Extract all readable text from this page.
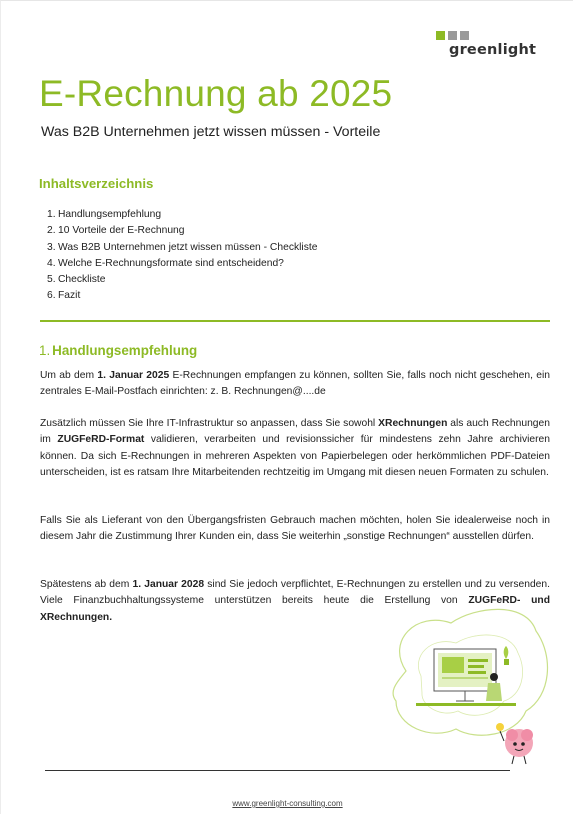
greenlight
E-Rechnung ab 2025
Was B2B Unternehmen jetzt wissen müssen - Vorteile
Inhaltsverzeichnis
1. Handlungsempfehlung
2. 10 Vorteile der E-Rechnung
3. Was B2B Unternehmen jetzt wissen müssen - Checkliste
4. Welche E-Rechnungsformate sind entscheidend?
5. Checkliste
6. Fazit
1. Handlungsempfehlung

Um ab dem 1. Januar 2025 E-Rechnungen empfangen zu können, sollten Sie, falls noch nicht geschehen, ein zentrales E-Mail-Postfach einrichten: z. B. Rechnungen@....de

Zusätzlich müssen Sie Ihre IT-Infrastruktur so anpassen, dass Sie sowohl XRechnungen als auch Rechnungen im ZUGFeRD-Format validieren, verarbeiten und revisionssicher für mindestens zehn Jahre archivieren können. Da sich E-Rechnungen in mehreren Aspekten von Papierbelegen oder herkömmlichen PDF-Dateien unterscheiden, ist es ratsam Ihre Mitarbeitenden rechtzeitig im Umgang mit diesen neuen Formaten zu schulen.

Falls Sie als Lieferant von den Übergangsfristen Gebrauch machen möchten, holen Sie idealerweise noch in diesem Jahr die Zustimmung Ihrer Kunden ein, dass Sie weiterhin „sonstige Rechnungen“ ausstellen dürfen.

Spätestens ab dem 1. Januar 2028 sind Sie jedoch verpflichtet, E-Rechnungen zu erstellen und zu versenden. Viele Finanzbuchhaltungssysteme unterstützen bereits heute die Erstellung von ZUGFeRD- und XRechnungen.

www.greenlight-consulting.com
